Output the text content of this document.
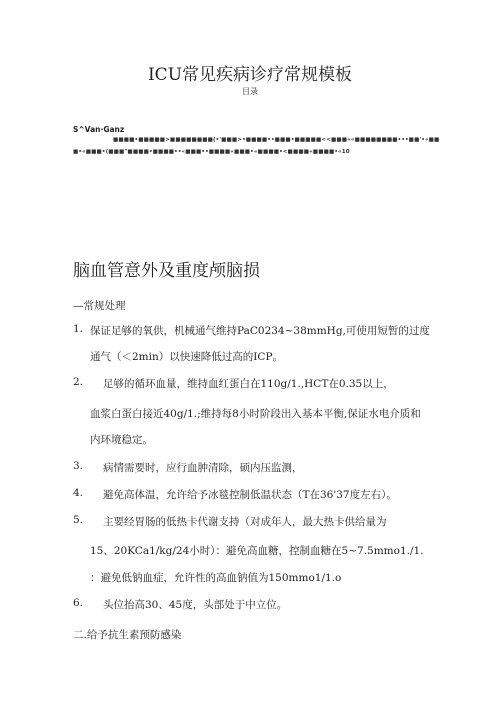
ICU常见疾病诊疗常规模板
目录
S^Van·Ganz
■■■■•■■■■■>■■■■■■■■(•'■■■>•■■■■••■■■•■■■■■<<■■■««■■■■■■■■•••■■'•«■■
■•«■■■•(■■■"■■■■•■■■■••«■■■••■■■■«■■■•«■■■■•<■■■■«■■■■•«10
脑血管意外及重度颅脑损
—常规处理
1. 保证足够的氧供，机械通气维持PaC0234~38mmHg,可使用短暂的过度
通气（＜2min）以快速降低过高的ICP。
2. 足够的循环血量，维持血红蛋白在110g/1.,HCT在0.35以上，
血浆白蛋白接近40g/1.;维持每8小时阶段出入基本平衡,保证水电介质和
内环境稳定。
3. 病情需要时，应行血肿清除，硕内压监测，
4. 避免高体温，允许给予冰毯控制低温状态（T在36'37度左右）。
5. 主要经胃肠的低热卡代谢支持（对成年人，最大热卡供给量为
15、20KCa1/kg/24小时）：避免高血糖，控制血糖在5~7.5mmo1./1.
：避免低钠血症，允许性的高血钠值为150mmo1/1.o
6. 头位抬高30、45度，头部处于中立位。
二.给予抗生素预防感染
